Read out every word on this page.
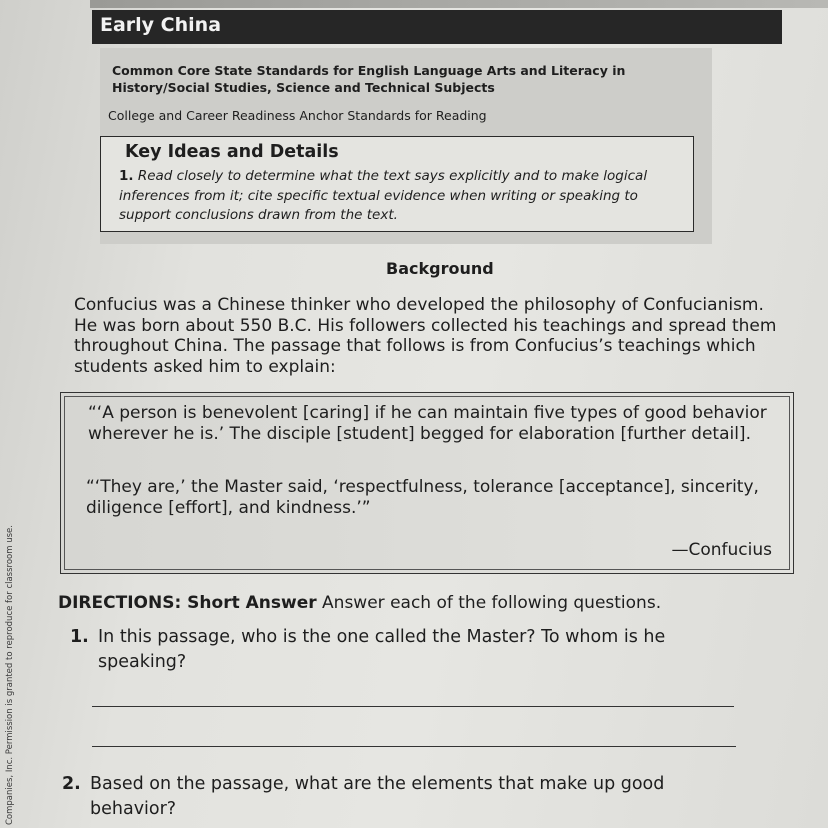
Early China
Common Core State Standards for English Language Arts and Literacy in
History/Social Studies, Science and Technical Subjects
College and Career Readiness Anchor Standards for Reading
Key Ideas and Details
1. Read closely to determine what the text says explicitly and to make logical inferences from it; cite specific textual evidence when writing or speaking to support conclusions drawn from the text.
Background
Confucius was a Chinese thinker who developed the philosophy of Confucianism. He was born about 550 B.C. His followers collected his teachings and spread them throughout China. The passage that follows is from Confucius’s teachings which students asked him to explain:
“‘A person is benevolent [caring] if he can maintain five types of good behavior wherever he is.’ The disciple [student] begged for elaboration [further detail].
“‘They are,’ the Master said, ‘respectfulness, tolerance [acceptance], sincerity, diligence [effort], and kindness.’”
—Confucius
DIRECTIONS: Short Answer Answer each of the following questions.
1. In this passage, who is the one called the Master? To whom is he speaking?
2. Based on the passage, what are the elements that make up good behavior?
Companies, Inc. Permission is granted to reproduce for classroom use.
